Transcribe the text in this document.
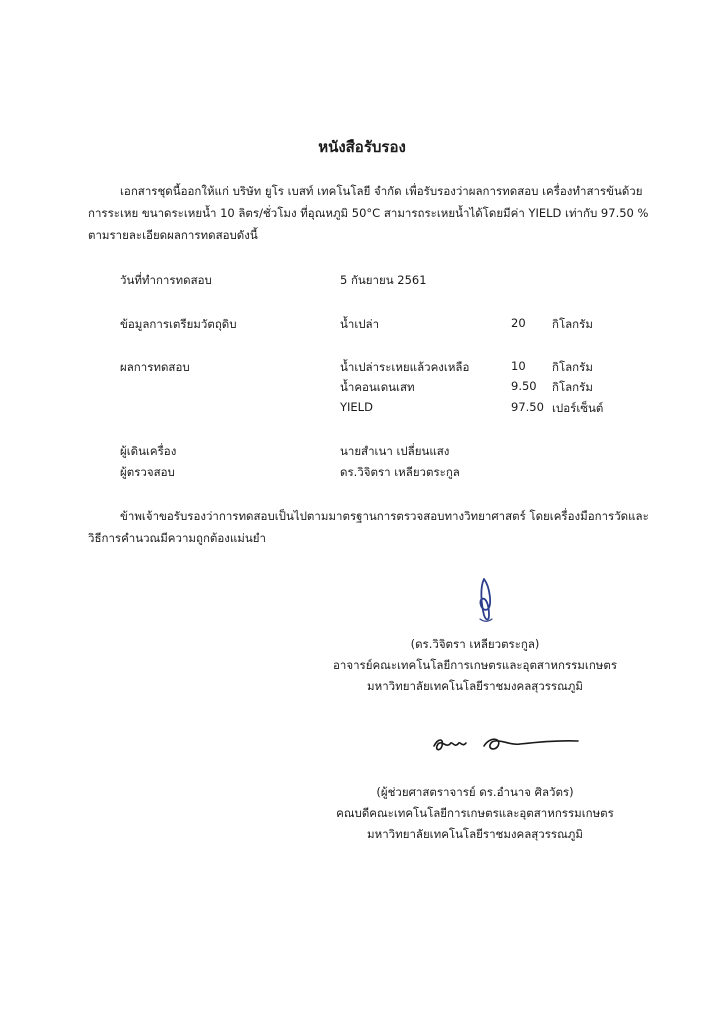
หนังสือรับรอง
เอกสารชุดนี้ออกให้แก่ บริษัท ยูโร เบสท์ เทคโนโลยี จำกัด เพื่อรับรองว่าผลการทดสอบ เครื่องทำสารข้นด้วยการระเหย ขนาดระเหยน้ำ 10 ลิตร/ชั่วโมง ที่อุณหภูมิ 50°C สามารถระเหยน้ำได้โดยมีค่า YIELD เท่ากับ 97.50 % ตามรายละเอียดผลการทดสอบดังนี้
วันที่ทำการทดสอบ	5 กันยายน 2561
ข้อมูลการเตรียมวัตถุดิบ	น้ำเปล่า	20 กิโลกรัม
ผลการทดสอบ	น้ำเปล่าระเหยแล้วคงเหลือ	10 กิโลกรัม
น้ำคอนเดนเสท	9.50 กิโลกรัม
YIELD	97.50 เปอร์เซ็นต์
ผู้เดินเครื่อง	นายสำเนา เปลี่ยนแสง
ผู้ตรวจสอบ	ดร.วิจิตรา เหลียวตระกูล
ข้าพเจ้าขอรับรองว่าการทดสอบเป็นไปตามมาตรฐานการตรวจสอบทางวิทยาศาสตร์ โดยเครื่องมือการวัดและวิธีการคำนวณมีความถูกต้องแม่นยำ
(ดร.วิจิตรา เหลียวตระกูล)
อาจารย์คณะเทคโนโลยีการเกษตรและอุตสาหกรรมเกษตร
มหาวิทยาลัยเทคโนโลยีราชมงคลสุวรรณภูมิ
(ผู้ช่วยศาสตราจารย์ ดร.อำนาจ ศิลวัตร)
คณบดีคณะเทคโนโลยีการเกษตรและอุตสาหกรรมเกษตร
มหาวิทยาลัยเทคโนโลยีราชมงคลสุวรรณภูมิ
